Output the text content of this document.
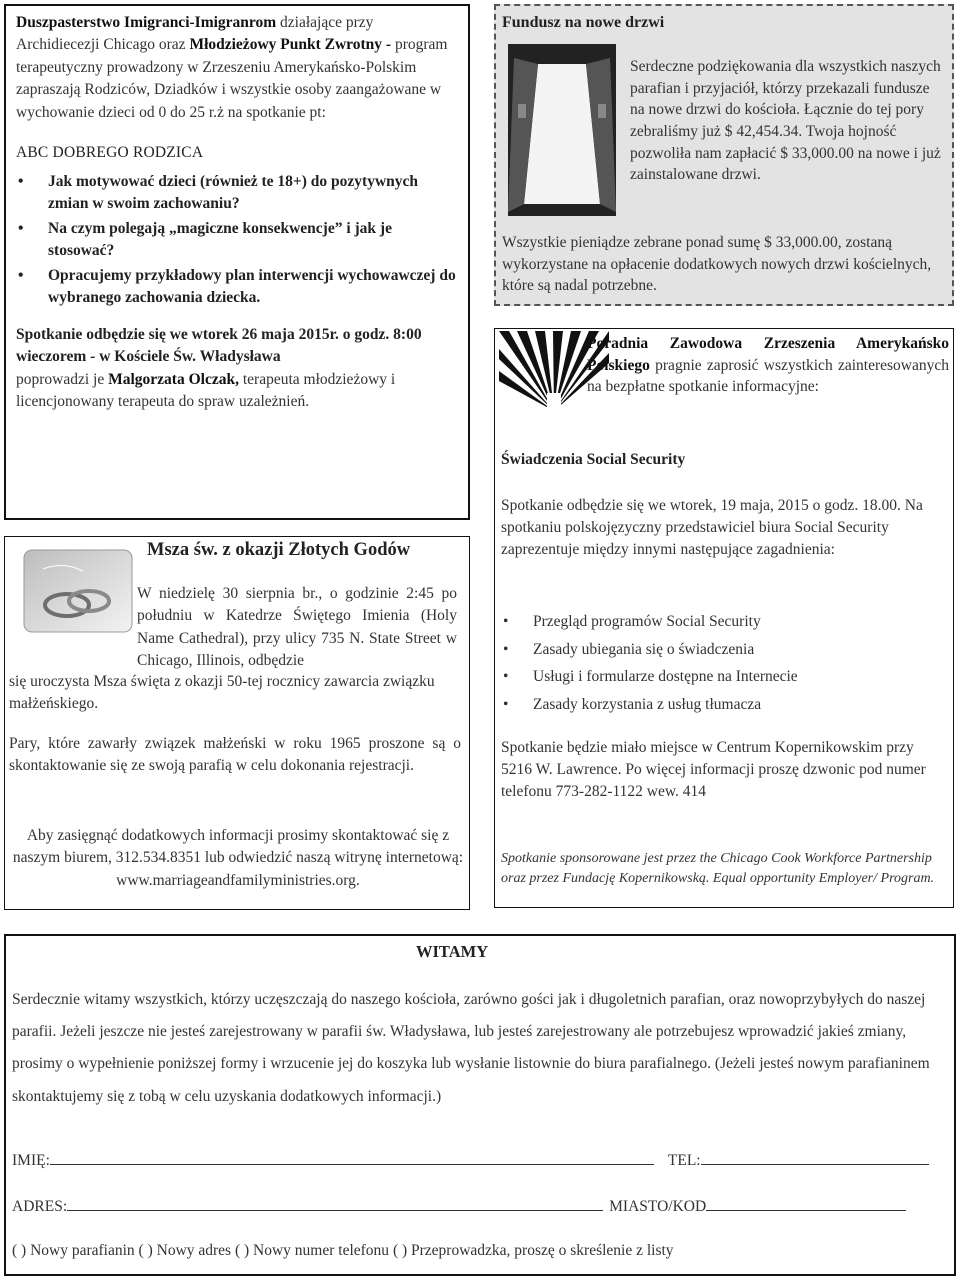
Duszpasterstwo Imigranci-Imigranrom działające przy Archidiecezji Chicago oraz Młodzieżowy Punkt Zwrotny - program terapeutyczny prowadzony w Zrzeszeniu Amerykańsko-Polskim zapraszają Rodziców, Dziadków i wszystkie osoby zaangażowane w wychowanie dzieci od 0 do 25 r.ż na spotkanie pt:

ABC DOBREGO RODZICA

• Jak motywować dzieci (również te 18+) do pozytywnych zmian w swoim zachowaniu?
• Na czym polegają „magiczne konsekwencje” i jak je stosować?
• Opracujemy przykładowy plan interwencji wychowawczej do wybranego zachowania dziecka.

Spotkanie odbędzie się we wtorek 26 maja 2015r. o godz. 8:00 wieczorem - w Kościele Św. Władysława

poprowadzi je Malgorzata Olczak, terapeuta młodzieżowy i licencjonowany terapeuta do spraw uzależnień.

Msza św. z okazji Złotych Godów

W niedzielę 30 sierpnia br., o godzinie 2:45 po południu w Katedrze Świętego Imienia (Holy Name Cathedral), przy ulicy 735 N. State Street w Chicago, Illinois, odbędzie

się uroczysta Msza święta z okazji 50-tej rocznicy zawarcia związku małżeńskiego.

Pary, które zawarły związek małżeński w roku 1965 proszone są o skontaktowanie się ze swoją parafią w celu dokonania rejestracji.

Aby zasięgnąć dodatkowych informacji prosimy skontaktować się z naszym biurem, 312.534.8351 lub odwiedzić naszą witrynę internetową: www.marriageandfamilyministries.org.

Fundusz na nowe drzwi

Serdeczne podziękowania dla wszystkich naszych parafian i przyjaciół, którzy przekazali fundusze na nowe drzwi do kościoła. Łącznie do tej pory zebraliśmy już $ 42,454.34. Twoja hojność pozwoliła nam zapłacić $ 33,000.00 na nowe i już zainstalowane drzwi.

Wszystkie pieniądze zebrane ponad sumę $ 33,000.00, zostaną wykorzystane na opłacenie dodatkowych nowych drzwi kościelnych, które są nadal potrzebne.

Poradnia Zawodowa Zrzeszenia Amerykańsko Polskiego pragnie zaprosić wszystkich zainteresowanych na bezpłatne spotkanie informacyjne:

Świadczenia Social Security

Spotkanie odbędzie się we wtorek, 19 maja, 2015 o godz. 18.00. Na spotkaniu polskojęzyczny przedstawiciel biura Social Security zaprezentuje między innymi następujące zagadnienia:

• Przegląd programów Social Security
• Zasady ubiegania się o świadczenia
• Usługi i formularze dostępne na Internecie
• Zasady korzystania z usług tłumacza

Spotkanie będzie miało miejsce w Centrum Kopernikowskim przy 5216 W. Lawrence. Po więcej informacji proszę dzwonic pod numer telefonu 773-282-1122 wew. 414

Spotkanie sponsorowane jest przez the Chicago Cook Workforce Partnership oraz przez Fundację Kopernikowską. Equal opportunity Employer/ Program.

WITAMY

Serdecznie witamy wszystkich, którzy uczęszczają do naszego kościoła, zarówno gości jak i długoletnich parafian, oraz nowoprzybyłych do naszej parafii. Jeżeli jeszcze nie jesteś zarejestrowany w parafii św. Władysława, lub jesteś zarejestrowany ale potrzebujesz wprowadzić jakieś zmiany, prosimy o wypełnienie poniższej formy i wrzucenie jej do koszyka lub wysłanie listownie do biura parafialnego. (Jeżeli jesteś nowym parafianinem skontaktujemy się z tobą w celu uzyskania dodatkowych informacji.)

IMIĘ:	TEL:
ADRES:	MIASTO/KOD
( ) Nowy parafianin ( ) Nowy adres ( ) Nowy numer telefonu ( ) Przeprowadzka, proszę o skreślenie z listy
